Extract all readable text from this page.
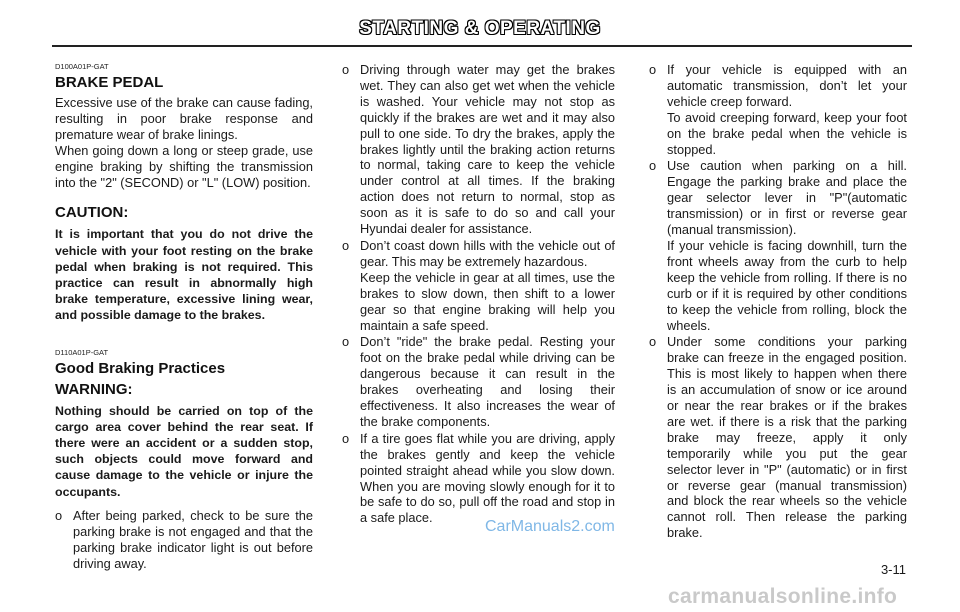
STARTING & OPERATING
D100A01P-GAT
BRAKE PEDAL

Excessive use of the brake can cause fading, resulting in poor brake response and premature wear of brake linings.

When going down a long or steep grade, use engine braking by shifting the transmission into the "2" (SECOND) or "L" (LOW) position.

CAUTION:

It is important that you do not drive the vehicle with your foot resting on the brake pedal when braking is not required. This practice can result in abnormally high brake temperature, excessive lining wear, and possible damage to the brakes.

D110A01P-GAT
Good Braking Practices
WARNING:

Nothing should be carried on top of the cargo area cover behind the rear seat. If there were an accident or a sudden stop, such objects could move forward and cause damage to the vehicle or injure the occupants.

o After being parked, check to be sure the parking brake is not engaged and that the parking brake indicator light is out before driving away.
o Driving through water may get the brakes wet. They can also get wet when the vehicle is washed. Your vehicle may not stop as quickly if the brakes are wet and it may also pull to one side. To dry the brakes, apply the brakes lightly until the braking action returns to normal, taking care to keep the vehicle under control at all times. If the braking action does not return to normal, stop as soon as it is safe to do so and call your Hyundai dealer for assistance.
o Don’t coast down hills with the vehicle out of gear. This may be extremely hazardous.
Keep the vehicle in gear at all times, use the brakes to slow down, then shift to a lower gear so that engine braking will help you maintain a safe speed.
o Don’t "ride" the brake pedal. Resting your foot on the brake pedal while driving can be dangerous because it can result in the brakes overheating and losing their effectiveness. It also increases the wear of the brake components.
o If a tire goes flat while you are driving, apply the brakes gently and keep the vehicle pointed straight ahead while you slow down. When you are moving slowly enough for it to be safe to do so, pull off the road and stop in a safe place.
o If your vehicle is equipped with an automatic transmission, don’t let your vehicle creep forward.
To avoid creeping forward, keep your foot on the brake pedal when the vehicle is stopped.
o Use caution when parking on a hill. Engage the parking brake and place the gear selector lever in "P"(automatic transmission) or in first or reverse gear (manual transmission).
If your vehicle is facing downhill, turn the front wheels away from the curb to help keep the vehicle from rolling. If there is no curb or if it is required by other conditions to keep the vehicle from rolling, block the wheels.
o Under some conditions your parking brake can freeze in the engaged position. This is most likely to happen when there is an accumulation of snow or ice around or near the rear brakes or if the brakes are wet. if there is a risk that the parking brake may freeze, apply it only temporarily while you put the gear selector lever in "P" (automatic) or in first or reverse gear (manual transmission) and block the rear wheels so the vehicle cannot roll. Then release the parking brake.
CarManuals2.com
3-11
carmanualsonline.info
